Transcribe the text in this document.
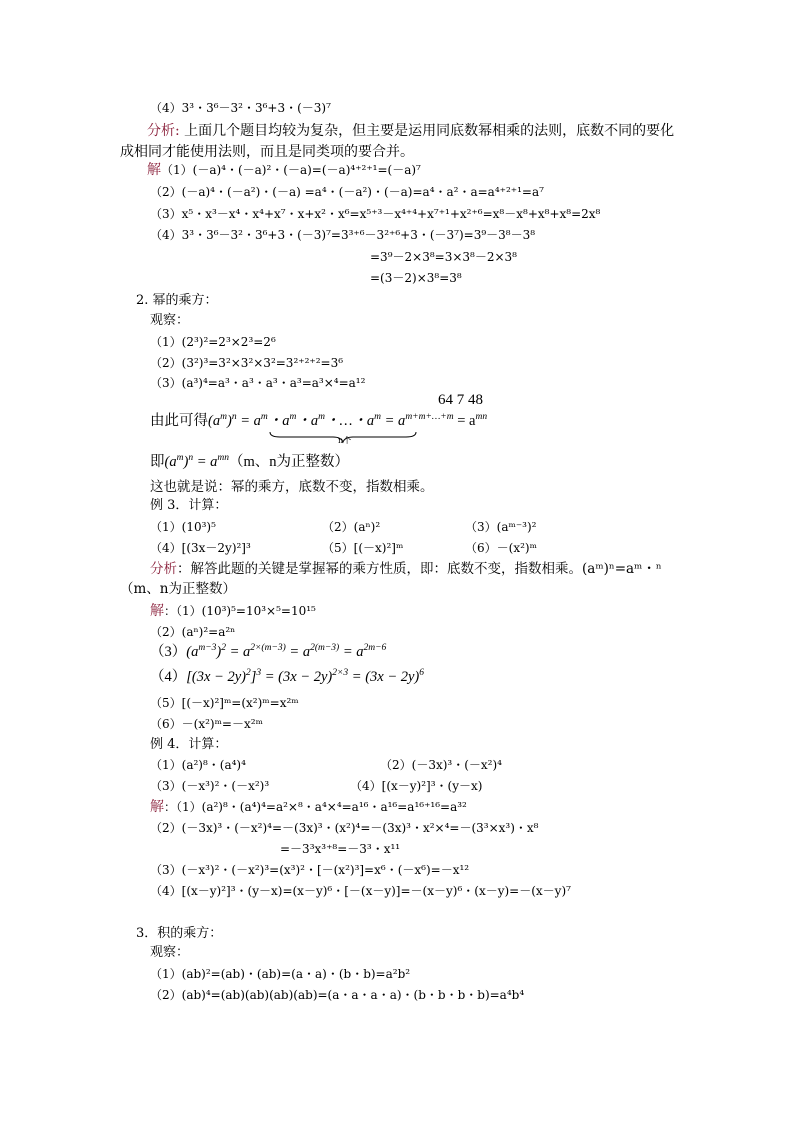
（4）3³・3⁶－3²・3⁶+3・(－3)⁷
分析: 上面几个题目均较为复杂，但主要是运用同底数幂相乘的法则，底数不同的要化
成相同才能使用法则，而且是同类项的要合并。
解（1）(－a)⁴・(－a)²・(－a)=(－a)⁴⁺²⁺¹=(－a)⁷
（2）(－a)⁴・(－a²)・(－a) =a⁴・(－a²)・(－a)=a⁴・a²・a=a⁴⁺²⁺¹=a⁷
（3）x⁵・x³－x⁴・x⁴+x⁷・x+x²・x⁶=x⁵⁺³－x⁴⁺⁴+x⁷⁺¹+x²⁺⁶=x⁸－x⁸+x⁸+x⁸=2x⁸
（4）3³・3⁶－3²・3⁶+3・(－3)⁷=3³⁺⁶－3²⁺⁶+3・(－3⁷)=3⁹－3⁸－3⁸
=3⁹－2×3⁸=3×3⁸－2×3⁸
=(3－2)×3⁸=3⁸
2. 幂的乘方：
观察：
（1）(2³)²=2³×2³=2⁶
（2）(3²)³=3²×3²×3²=3²⁺²⁺²=3⁶
（3）(a³)⁴=a³・a³・a³・a³=a³×⁴=a¹²
64 7 48
由此可得$(a^m)^n = a^m$・$a^m$・$a^m$・…・$a^m = a^{m+m+\dots+m} = a^{mn}$
n个
即$(a^m)^n = a^{mn}(m$、n为正整数）
这也就是说：幂的乘方，底数不变，指数相乘。
例 3．计算：
（1）(10³)⁵	（2）(aⁿ)²	（3）(aᵐ⁻³)²
（4）[(3x－2y)²]³	（5）[(－x)²]ᵐ	（6）－(x²)ᵐ
分析：解答此题的关键是掌握幂的乘方性质，即：底数不变，指数相乘。(aᵐ)ⁿ=aᵐ・ⁿ
（m、n为正整数）
解：（1）(10³)⁵=10³×⁵=10¹⁵
（2）(aⁿ)²=a²ⁿ
$(3)(a^{m-3})^2 = a^{2\times(m-3)} = a^{2(m-3)} = a^{2m-6}$
$(4)[(3x - 2y)^2]^3 = (3x - 2y)^{2\times 3} = (3x - 2y)^6$
（5）[(－x)²]ᵐ=(x²)ᵐ=x²ᵐ
（6）－(x²)ᵐ=－x²ᵐ
例 4．计算：
（1）(a²)⁸・(a⁴)⁴	（2）(－3x)³・(－x²)⁴
（3）(－x³)²・(－x²)³	（4）[(x－y)²]³・(y－x)
解：（1）(a²)⁸・(a⁴)⁴=a²×⁸・a⁴×⁴=a¹⁶・a¹⁶=a¹⁶⁺¹⁶=a³²
（2）(－3x)³・(－x²)⁴=－(3x)³・(x²)⁴=－(3x)³・x²×⁴=－(3³×x³)・x⁸
=－3³x³⁺⁸=－3³・x¹¹
（3）(－x³)²・(－x²)³=(x³)²・[－(x²)³]=x⁶・(－x⁶)=－x¹²
（4）[(x－y)²]³・(y－x)=(x－y)⁶・[－(x－y)]=－(x－y)⁶・(x－y)=－(x－y)⁷
3．积的乘方：
观察：
（1）(ab)²=(ab)・(ab)=(a・a)・(b・b)=a²b²
（2）(ab)⁴=(ab)(ab)(ab)(ab)=(a・a・a・a)・(b・b・b・b)=a⁴b⁴
